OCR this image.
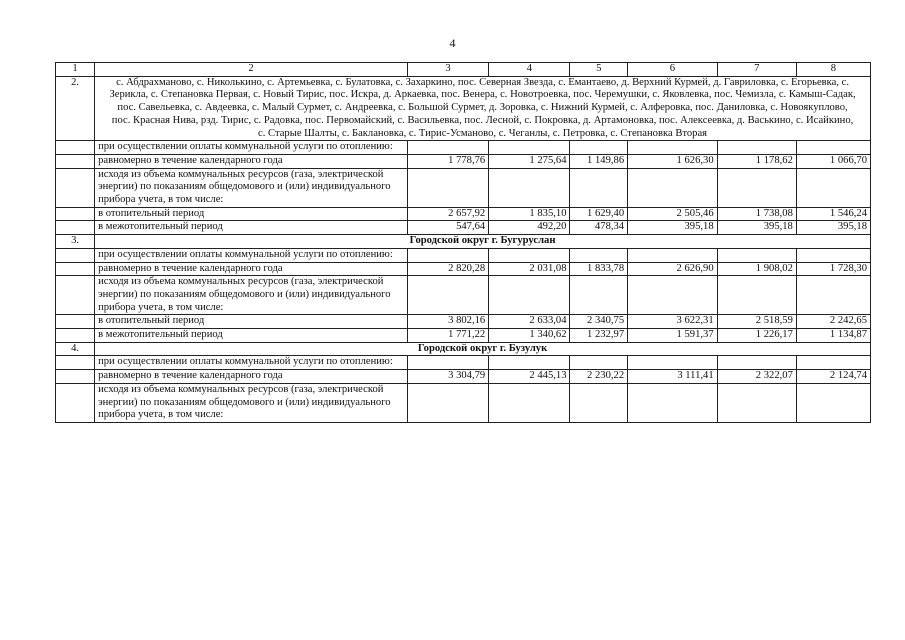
4
1	2	3	4	5	6	7	8
2.	с. Абдрахманово, с. Николькино, с. Артемьевка, с. Булатовка, с. Захаркино, пос. Северная Звезда, с. Емантаево, д. Верхний Курмей, д. Гавриловка, с. Егорьевка, с. Зерикла, с. Степановка Первая, с. Новый Тирис, пос. Искра, д. Аркаевка, пос. Венера, с. Новотроевка, пос. Черемушки, с. Яковлевка, пос. Чемизла, с. Камыш-Садак, пос. Савельевка, с. Авдеевка, с. Малый Сурмет, с. Андреевка, с. Большой Сурмет, д. Зоровка, с. Нижний Курмей, с. Алферовка, пос. Даниловка, с. Новоякуплово, пос. Красная Нива, рзд. Тирис, с. Радовка, пос. Первомайский, с. Васильевка, пос. Лесной, с. Покровка, д. Артамоновка, пос. Алексеевка, д. Васькино, с. Исайкино, с. Старые Шалты, с. Баклановка, с. Тирис-Усманово, с. Чеганлы, с. Петровка, с. Степановка Вторая						
	при осуществлении оплаты коммунальной услуги по отоплению:						
	равномерно в течение календарного года	1 778,76	1 275,64	1 149,86	1 626,30	1 178,62	1 066,70
	исходя из объема коммунальных ресурсов (газа, электрической энергии) по показаниям общедомового и (или) индивидуального прибора учета, в том числе:						
	в отопительный период	2 657,92	1 835,10	1 629,40	2 505,46	1 738,08	1 546,24
	в межотопительный период	547,64	492,20	478,34	395,18	395,18	395,18
3.	Городской округ г. Бугуруслан						
	при осуществлении оплаты коммунальной услуги по отоплению:						
	равномерно в течение календарного года	2 820,28	2 031,08	1 833,78	2 626,90	1 908,02	1 728,30
	исходя из объема коммунальных ресурсов (газа, электрической энергии) по показаниям общедомового и (или) индивидуального прибора учета, в том числе:						
	в отопительный период	3 802,16	2 633,04	2 340,75	3 622,31	2 518,59	2 242,65
	в межотопительный период	1 771,22	1 340,62	1 232,97	1 591,37	1 226,17	1 134,87
4.	Городской округ г. Бузулук						
	при осуществлении оплаты коммунальной услуги по отоплению:						
	равномерно в течение календарного года	3 304,79	2 445,13	2 230,22	3 111,41	2 322,07	2 124,74
	исходя из объема коммунальных ресурсов (газа, электрической энергии) по показаниям общедомового и (или) индивидуального прибора учета, в том числе:						
